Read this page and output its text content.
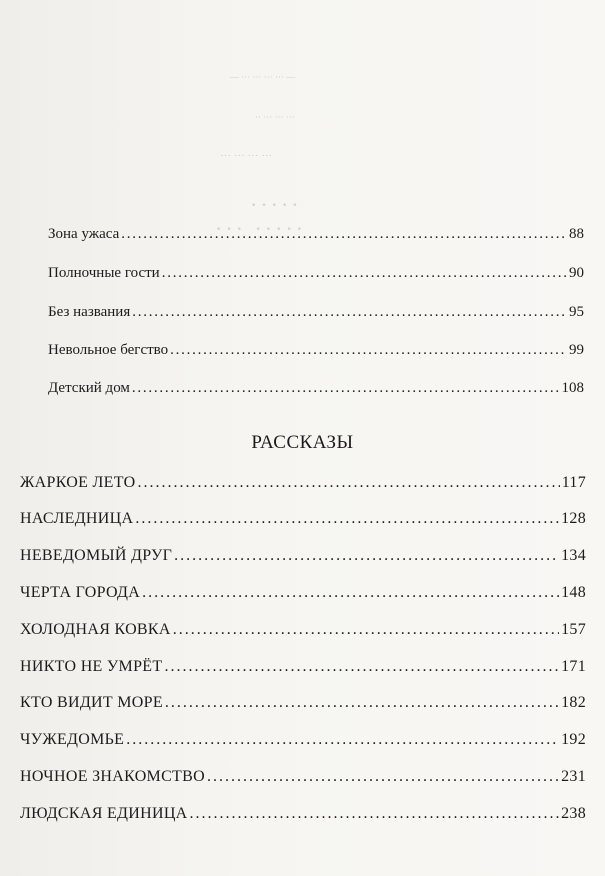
— ··· ··· ··· ··· —
·· ··· ··· ···
··· ··· ··· ···
·····
··· ·····
Зона ужаса . . .	88
Полночные гости . . .	90
Без названия . . .	95
Невольное бегство . . .	99
Детский дом . . .	108
РАССКАЗЫ
ЖАРКОЕ ЛЕТО . . .	117
НАСЛЕДНИЦА . . .	128
НЕВЕДОМЫЙ ДРУГ . . .	134
ЧЕРТА ГОРОДА . . .	148
ХОЛОДНАЯ КОВКА . . .	157
НИКТО НЕ УМРЁТ . . .	171
КТО ВИДИТ МОРЕ . . .	182
ЧУЖЕДОМЬЕ . . .	192
НОЧНОЕ ЗНАКОМСТВО . . .	231
ЛЮДСКАЯ ЕДИНИЦА . . .	238
